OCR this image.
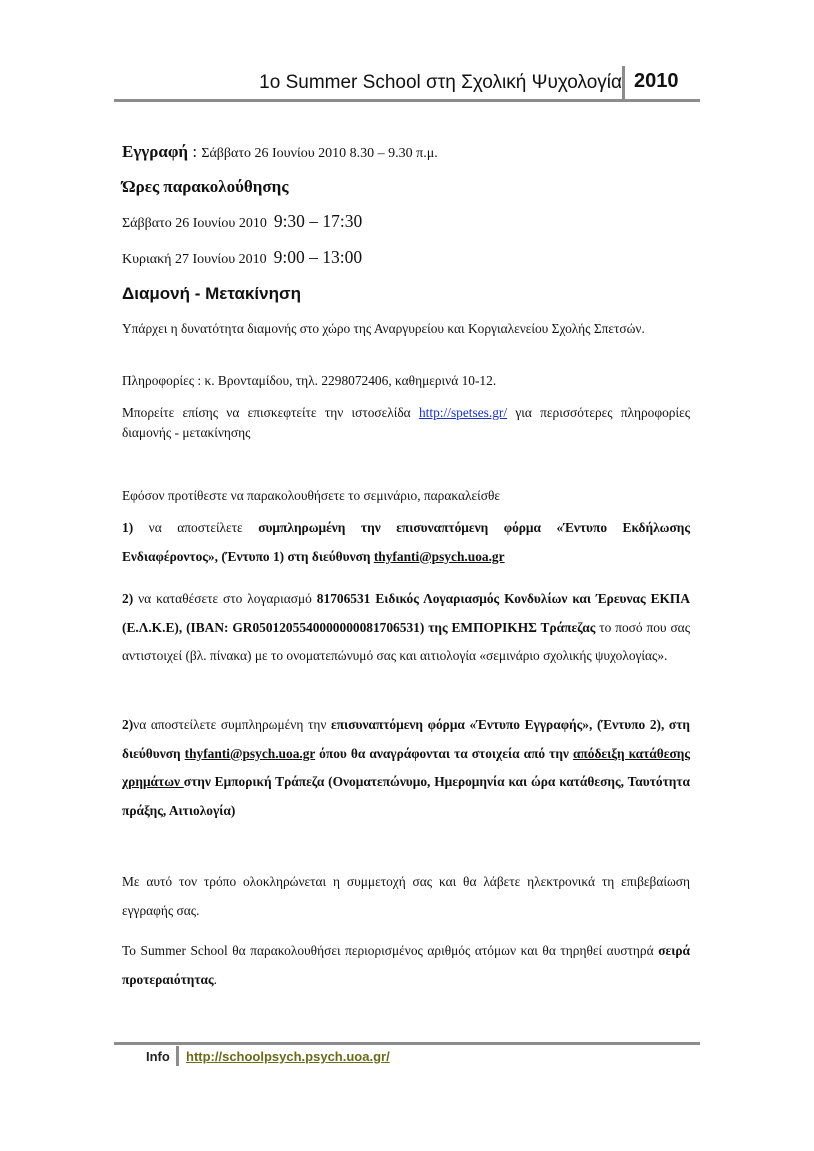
1o Summer School στη Σχολική Ψυχολογία 2010
Εγγραφή : Σάββατο 26 Ιουνίου 2010 8.30 – 9.30 π.μ.
Ώρες παρακολούθησης
Σάββατο 26 Ιουνίου 2010 9:30 – 17:30
Κυριακή 27 Ιουνίου 2010 9:00 – 13:00
Διαμονή - Μετακίνηση
Υπάρχει η δυνατότητα διαμονής στο χώρο της Αναργυρείου και Κοργιαλενείου Σχολής Σπετσών.
Πληροφορίες : κ. Βρονταμίδου, τηλ. 2298072406, καθημερινά 10-12.
Μπορείτε επίσης να επισκεφτείτε την ιστοσελίδα http://spetses.gr/ για περισσότερες πληροφορίες διαμονής - μετακίνησης
Εφόσον προτίθεστε να παρακολουθήσετε το σεμινάριο, παρακαλείσθε
1) να αποστείλετε συμπληρωμένη την επισυναπτόμενη φόρμα «Έντυπο Εκδήλωσης Ενδιαφέροντος», (Έντυπο 1) στη διεύθυνση thyfanti@psych.uoa.gr
2) να καταθέσετε στο λογαριασμό 81706531 Ειδικός Λογαριασμός Κονδυλίων και Έρευνας ΕΚΠΑ (Ε.Λ.Κ.Ε), (IBAN: GR0501205540000000081706531) της ΕΜΠΟΡΙΚΗΣ Τράπεζας το ποσό που σας αντιστοιχεί (βλ. πίνακα) με το ονοματεπώνυμό σας και αιτιολογία «σεμινάριο σχολικής ψυχολογίας».
2)να αποστείλετε συμπληρωμένη την επισυναπτόμενη φόρμα «Έντυπο Εγγραφής», (Έντυπο 2), στη διεύθυνση thyfanti@psych.uoa.gr όπου θα αναγράφονται τα στοιχεία από την απόδειξη κατάθεσης χρημάτων στην Εμπορική Τράπεζα (Ονοματεπώνυμο, Ημερομηνία και ώρα κατάθεσης, Ταυτότητα πράξης, Αιτιολογία)
Με αυτό τον τρόπο ολοκληρώνεται η συμμετοχή σας και θα λάβετε ηλεκτρονικά τη επιβεβαίωση εγγραφής σας.
Το Summer School θα παρακολουθήσει περιορισμένος αριθμός ατόμων και θα τηρηθεί αυστηρά σειρά προτεραιότητας.
Info http://schoolpsych.psych.uoa.gr/
